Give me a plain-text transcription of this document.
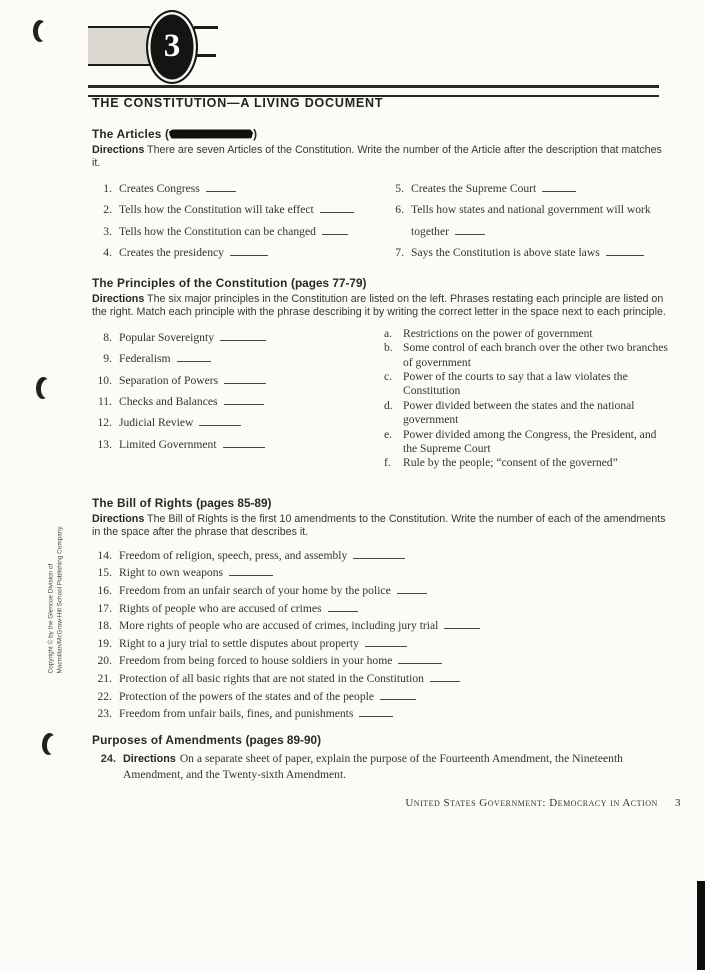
3
THE CONSTITUTION—A LIVING DOCUMENT
The Articles (	)
Directions There are seven Articles of the Constitution. Write the number of the Article after the description that matches it.
1. Creates Congress
2. Tells how the Constitution will take effect
3. Tells how the Constitution can be changed
4. Creates the presidency
5. Creates the Supreme Court
6. Tells how states and national government will work together
7. Says the Constitution is above state laws
The Principles of the Constitution (pages 77-79)
Directions The six major principles in the Constitution are listed on the left. Phrases restating each principle are listed on the right. Match each principle with the phrase describing it by writing the correct letter in the space next to each principle.
8. Popular Sovereignty
9. Federalism
10. Separation of Powers
11. Checks and Balances
12. Judicial Review
13. Limited Government
a. Restrictions on the power of government
b. Some control of each branch over the other two branches of government
c. Power of the courts to say that a law violates the Constitution
d. Power divided between the states and the national government
e. Power divided among the Congress, the President, and the Supreme Court
f.	Rule by the people; “consent of the governed”
The Bill of Rights (pages 85-89)
Directions The Bill of Rights is the first 10 amendments to the Constitution. Write the number of each of the amendments in the space after the phrase that describes it.
14. Freedom of religion, speech, press, and assembly
15. Right to own weapons
16. Freedom from an unfair search of your home by the police
17. Rights of people who are accused of crimes
18. More rights of people who are accused of crimes, including jury trial
19. Right to a jury trial to settle disputes about property
20. Freedom from being forced to house soldiers in your home
21. Protection of all basic rights that are not stated in the Constitution
22. Protection of the powers of the states and of the people
23. Freedom from unfair bails, fines, and punishments
Purposes of Amendments (pages 89-90)
24. Directions On a separate sheet of paper, explain the purpose of the Fourteenth Amendment, the Nineteenth Amendment, and the Twenty-sixth Amendment.
United States Government: Democracy in Action 3
Copyright © by the Glencoe Division of Macmillan/McGraw-Hill School Publishing Company
